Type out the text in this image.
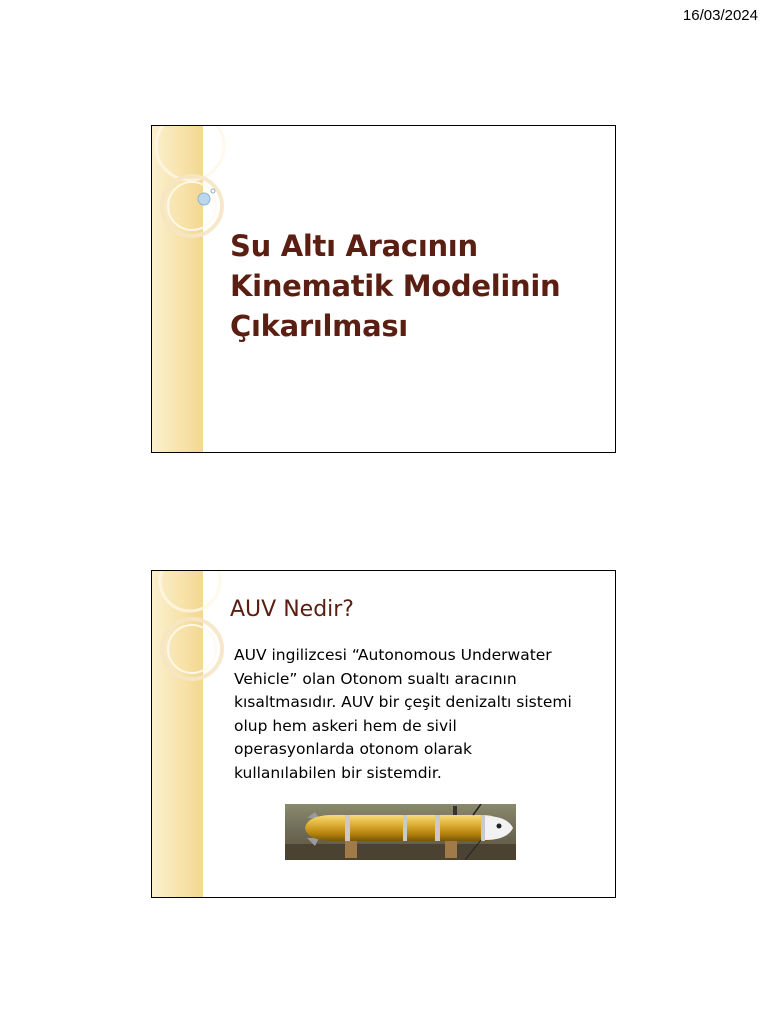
16/03/2024
Su Altı Aracının
Kinematik Modelinin
Çıkarılması
AUV Nedir?
AUV ingilizcesi “Autonomous Underwater
Vehicle” olan Otonom sualtı aracının
kısaltmasıdır. AUV bir çeşit denizaltı sistemi
olup hem askeri hem de sivil
operasyonlarda otonom olarak
kullanılabilen bir sistemdir.
